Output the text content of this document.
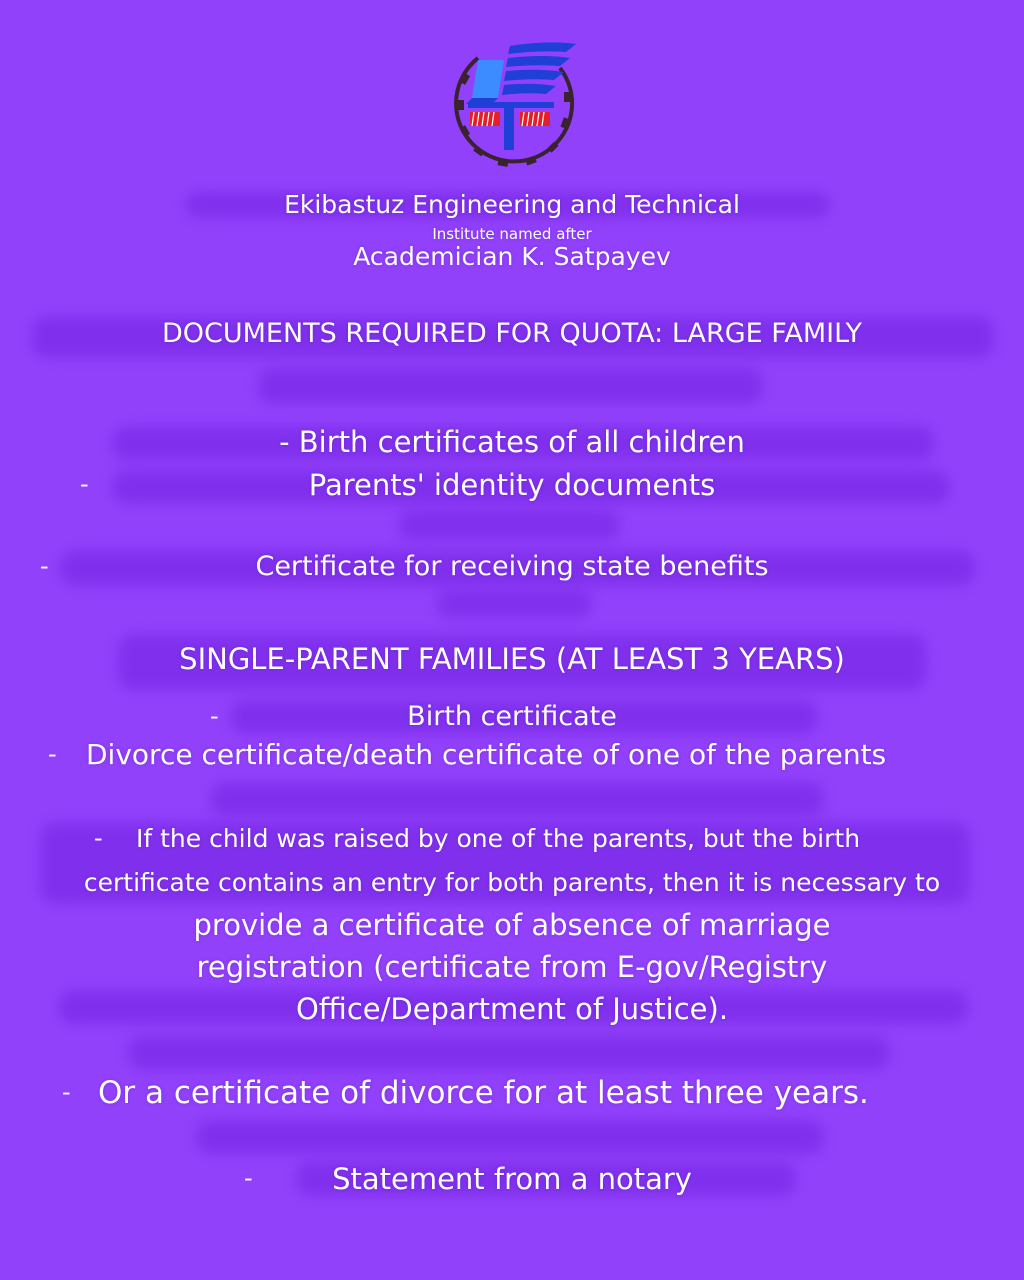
Ekibastuz Engineering and Technical
Institute named after
Academician K. Satpayev
DOCUMENTS REQUIRED FOR QUOTA: LARGE FAMILY
- Birth certificates of all children
-	Parents' identity documents
-	Certificate for receiving state benefits
SINGLE-PARENT FAMILIES (AT LEAST 3 YEARS)
-	Birth certificate
- Divorce certificate/death certificate of one of the parents
- If the child was raised by one of the parents, but the birth
certificate contains an entry for both parents, then it is necessary to
provide a certificate of absence of marriage
registration (certificate from E-gov/Registry
Office/Department of Justice).
- Or a certificate of divorce for at least three years.
-	Statement from a notary
